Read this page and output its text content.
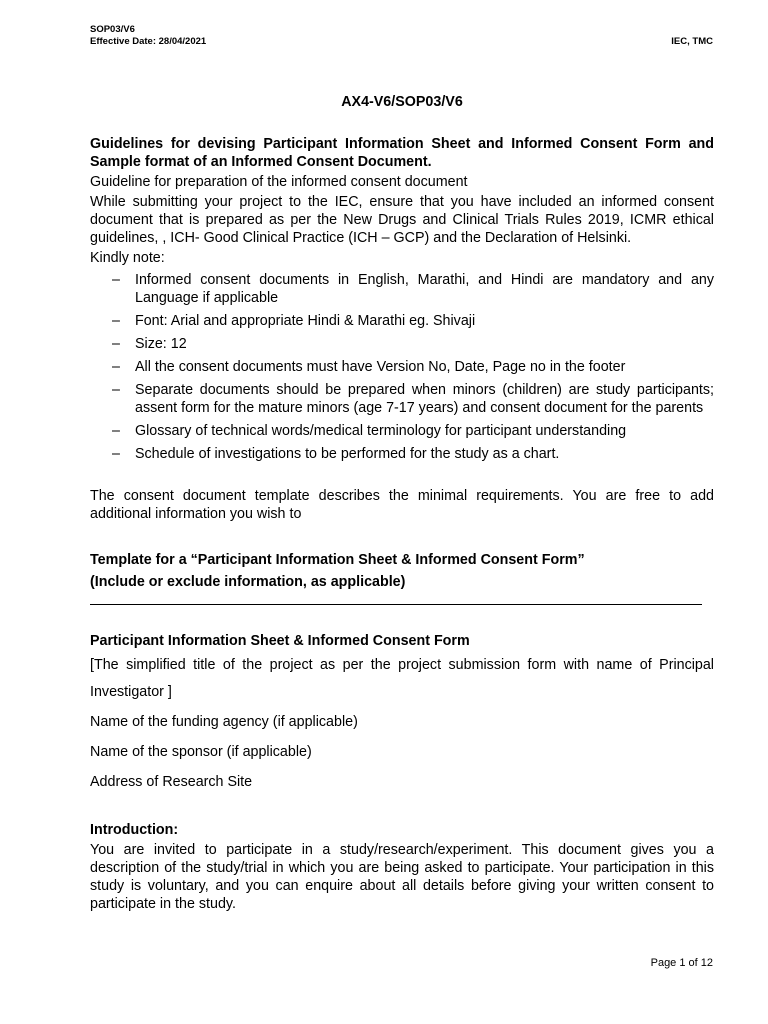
SOP03/V6
Effective Date: 28/04/2021	IEC, TMC
AX4-V6/SOP03/V6

Guidelines for devising Participant Information Sheet and Informed Consent Form and Sample format of an Informed Consent Document.

Guideline for preparation of the informed consent document

While submitting your project to the IEC, ensure that you have included an informed consent document that is prepared as per the New Drugs and Clinical Trials Rules 2019, ICMR ethical guidelines, , ICH- Good Clinical Practice (ICH – GCP) and the Declaration of Helsinki.

Kindly note:

– Informed consent documents in English, Marathi, and Hindi are mandatory and any Language if applicable
– Font: Arial and appropriate Hindi & Marathi eg. Shivaji
– Size: 12
– All the consent documents must have Version No, Date, Page no in the footer
– Separate documents should be prepared when minors (children) are study participants; assent form for the mature minors (age 7-17 years) and consent document for the parents
– Glossary of technical words/medical terminology for participant understanding
– Schedule of investigations to be performed for the study as a chart.

The consent document template describes the minimal requirements. You are free to add additional information you wish to

Template for a “Participant Information Sheet & Informed Consent Form”
(Include or exclude information, as applicable)

Participant Information Sheet & Informed Consent Form

[The simplified title of the project as per the project submission form with name of Principal Investigator ]

Name of the funding agency (if applicable)

Name of the sponsor (if applicable)

Address of Research Site

Introduction:

You are invited to participate in a study/research/experiment. This document gives you a description of the study/trial in which you are being asked to participate. Your participation in this study is voluntary, and you can enquire about all details before giving your written consent to participate in the study.

Page 1 of 12
